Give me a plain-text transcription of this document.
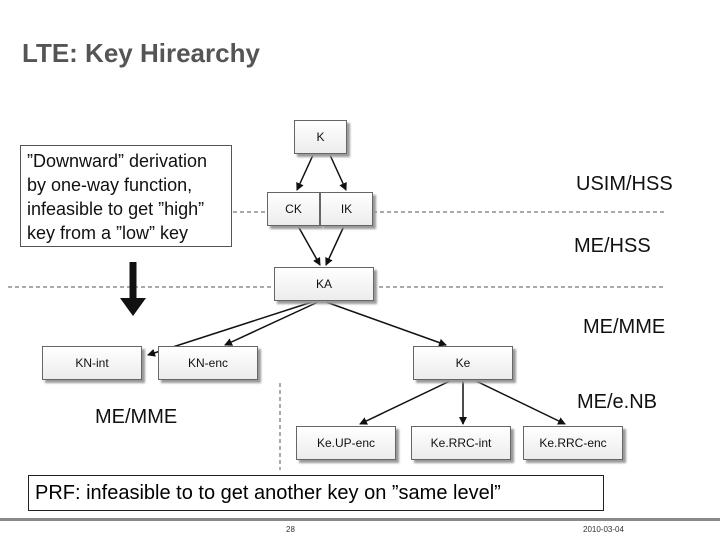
LTE: Key Hirearchy
”Downward” derivation by one-way function, infeasible to get ”high” key from a ”low” key
USIM/HSS
ME/HSS
ME/MME
ME/e.NB
ME/MME
K
CK	IK
KA
KN-int	KN-enc	Ke
Ke.UP-enc	Ke.RRC-int	Ke.RRC-enc
PRF: infeasible to to get another key on ”same level”
28	2010-03-04
